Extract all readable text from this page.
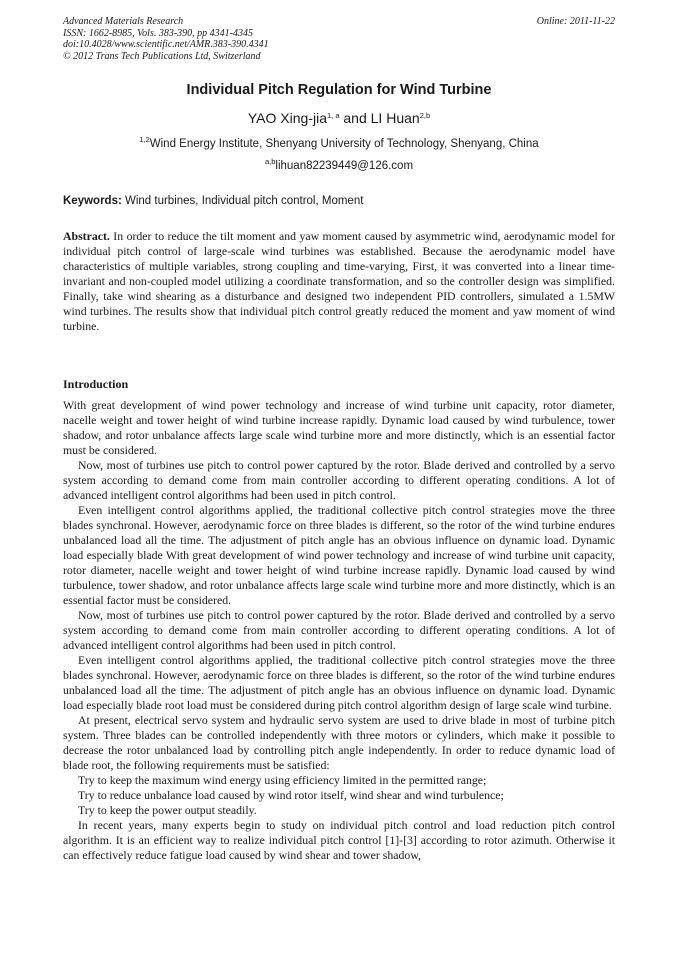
Advanced Materials Research
ISSN: 1662-8985, Vols. 383-390, pp 4341-4345
doi:10.4028/www.scientific.net/AMR.383-390.4341
© 2012 Trans Tech Publications Ltd, Switzerland
Online: 2011-11-22
Individual Pitch Regulation for Wind Turbine
YAO Xing-jia$^{1, a}$ and LI Huan$^{2,b}$
$^{1,2}$Wind Energy Institute, Shenyang University of Technology, Shenyang, China
$^{a,b}$lihuan82239449@126.com
Keywords: Wind turbines, Individual pitch control, Moment
Abstract. In order to reduce the tilt moment and yaw moment caused by asymmetric wind, aerodynamic model for individual pitch control of large-scale wind turbines was established. Because the aerodynamic model have characteristics of multiple variables, strong coupling and time-varying, First, it was converted into a linear time-invariant and non-coupled model utilizing a coordinate transformation, and so the controller design was simplified. Finally, take wind shearing as a disturbance and designed two independent PID controllers, simulated a 1.5MW wind turbines. The results show that individual pitch control greatly reduced the moment and yaw moment of wind turbine.
Introduction

With great development of wind power technology and increase of wind turbine unit capacity, rotor diameter, nacelle weight and tower height of wind turbine increase rapidly. Dynamic load caused by wind turbulence, tower shadow, and rotor unbalance affects large scale wind turbine more and more distinctly, which is an essential factor must be considered.

Now, most of turbines use pitch to control power captured by the rotor. Blade derived and controlled by a servo system according to demand come from main controller according to different operating conditions. A lot of advanced intelligent control algorithms had been used in pitch control.

Even intelligent control algorithms applied, the traditional collective pitch control strategies move the three blades synchronal. However, aerodynamic force on three blades is different, so the rotor of the wind turbine endures unbalanced load all the time. The adjustment of pitch angle has an obvious influence on dynamic load. Dynamic load especially blade With great development of wind power technology and increase of wind turbine unit capacity, rotor diameter, nacelle weight and tower height of wind turbine increase rapidly. Dynamic load caused by wind turbulence, tower shadow, and rotor unbalance affects large scale wind turbine more and more distinctly, which is an essential factor must be considered.

Now, most of turbines use pitch to control power captured by the rotor. Blade derived and controlled by a servo system according to demand come from main controller according to different operating conditions. A lot of advanced intelligent control algorithms had been used in pitch control.

Even intelligent control algorithms applied, the traditional collective pitch control strategies move the three blades synchronal. However, aerodynamic force on three blades is different, so the rotor of the wind turbine endures unbalanced load all the time. The adjustment of pitch angle has an obvious influence on dynamic load. Dynamic load especially blade root load must be considered during pitch control algorithm design of large scale wind turbine.

At present, electrical servo system and hydraulic servo system are used to drive blade in most of turbine pitch system. Three blades can be controlled independently with three motors or cylinders, which make it possible to decrease the rotor unbalanced load by controlling pitch angle independently. In order to reduce dynamic load of blade root, the following requirements must be satisfied:

Try to keep the maximum wind energy using efficiency limited in the permitted range;

Try to reduce unbalance load caused by wind rotor itself, wind shear and wind turbulence;

Try to keep the power output steadily.

In recent years, many experts begin to study on individual pitch control and load reduction pitch control algorithm. It is an efficient way to realize individual pitch control [1]-[3] according to rotor azimuth. Otherwise it can effectively reduce fatigue load caused by wind shear and tower shadow,
